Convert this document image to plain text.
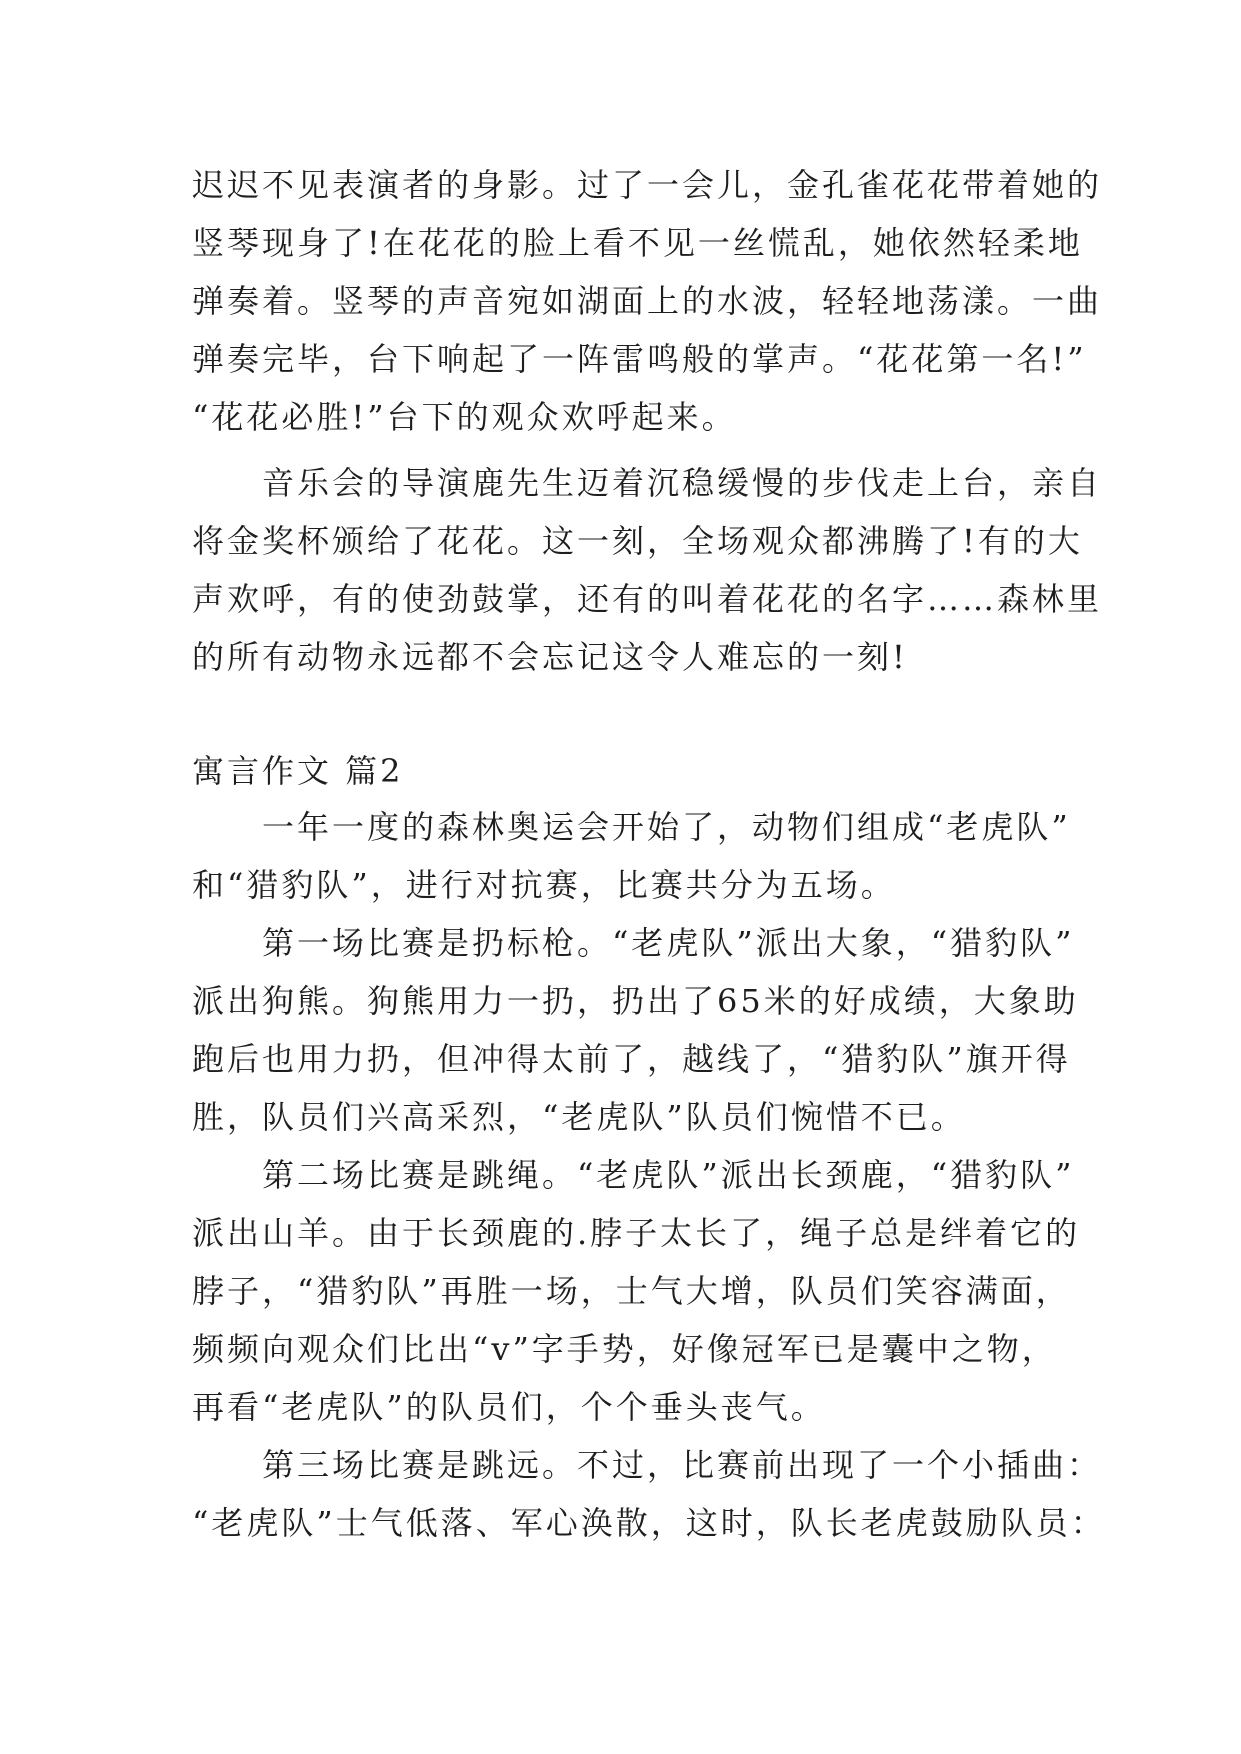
迟迟不见表演者的身影。过了一会儿，金孔雀花花带着她的
竖琴现身了!在花花的脸上看不见一丝慌乱，她依然轻柔地
弹奏着。竖琴的声音宛如湖面上的水波，轻轻地荡漾。一曲
弹奏完毕，台下响起了一阵雷鸣般的掌声。“花花第一名!”
“花花必胜!”台下的观众欢呼起来。
　　音乐会的导演鹿先生迈着沉稳缓慢的步伐走上台，亲自
将金奖杯颁给了花花。这一刻，全场观众都沸腾了!有的大
声欢呼，有的使劲鼓掌，还有的叫着花花的名字……森林里
的所有动物永远都不会忘记这令人难忘的一刻!
寓言作文 篇2
　　一年一度的森林奥运会开始了，动物们组成“老虎队”
和“猎豹队”，进行对抗赛，比赛共分为五场。
　　第一场比赛是扔标枪。“老虎队”派出大象，“猎豹队”
派出狗熊。狗熊用力一扔，扔出了65米的好成绩，大象助
跑后也用力扔，但冲得太前了，越线了，“猎豹队”旗开得
胜，队员们兴高采烈，“老虎队”队员们惋惜不已。
　　第二场比赛是跳绳。“老虎队”派出长颈鹿，“猎豹队”
派出山羊。由于长颈鹿的.脖子太长了，绳子总是绊着它的
脖子，“猎豹队”再胜一场，士气大增，队员们笑容满面，
频频向观众们比出“v”字手势，好像冠军已是囊中之物，
再看“老虎队”的队员们，个个垂头丧气。
　　第三场比赛是跳远。不过，比赛前出现了一个小插曲：
“老虎队”士气低落、军心涣散，这时，队长老虎鼓励队员：
